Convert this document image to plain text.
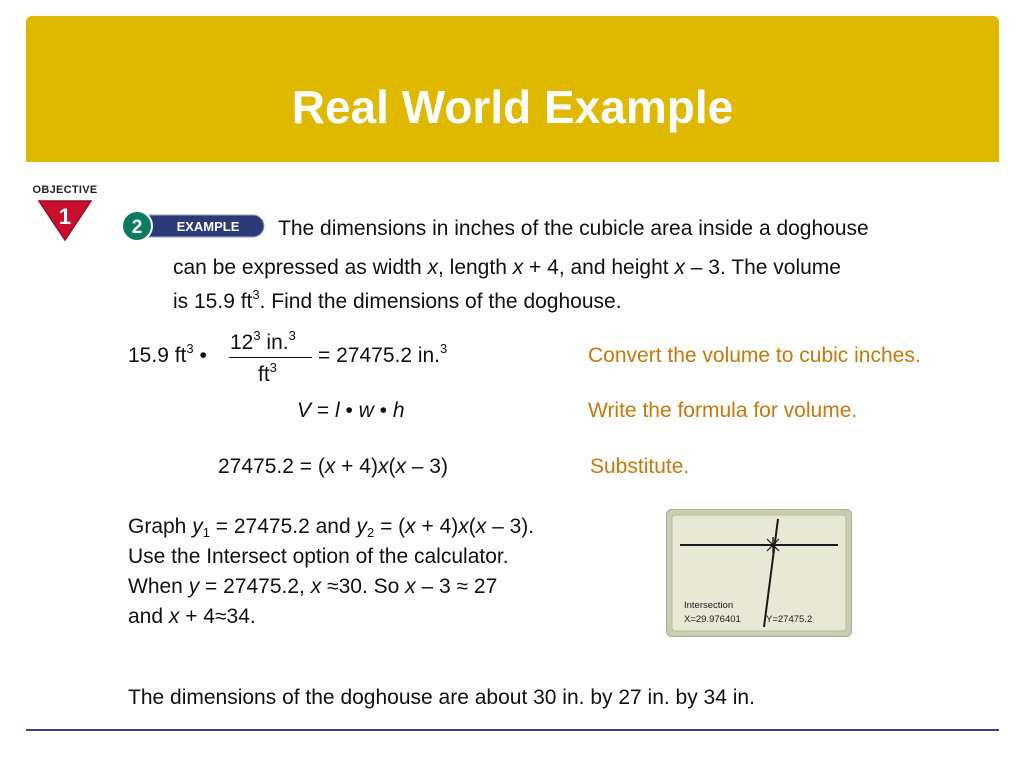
Real World Example
OBJECTIVE
1	2	EXAMPLE The dimensions in inches of the cubicle area inside a doghouse
can be expressed as width x, length x + 4, and height x – 3. The volume
is 15.9 $ft^3$. Find the dimensions of the doghouse.
15.9 $ft^3$ •
$12^3$ in.$^3$
$ft^3$
= 27475.2 in.$^3$	Convert the volume to cubic inches.
V = l • w • h	Write the formula for volume.
27475.2 = (x + 4)x(x – 3)	Substitute.
Graph $y_1 = 27475.2$ and $y_2 = (x + 4)x(x - 3)$.
Use the Intersect option of the calculator.
When y = 27475.2, x ≈30. So x – 3 ≈ 27
and x + 4≈34.	Intersection
X=29.976401	Y=27475.2
The dimensions of the doghouse are about 30 in. by 27 in. by 34 in.
